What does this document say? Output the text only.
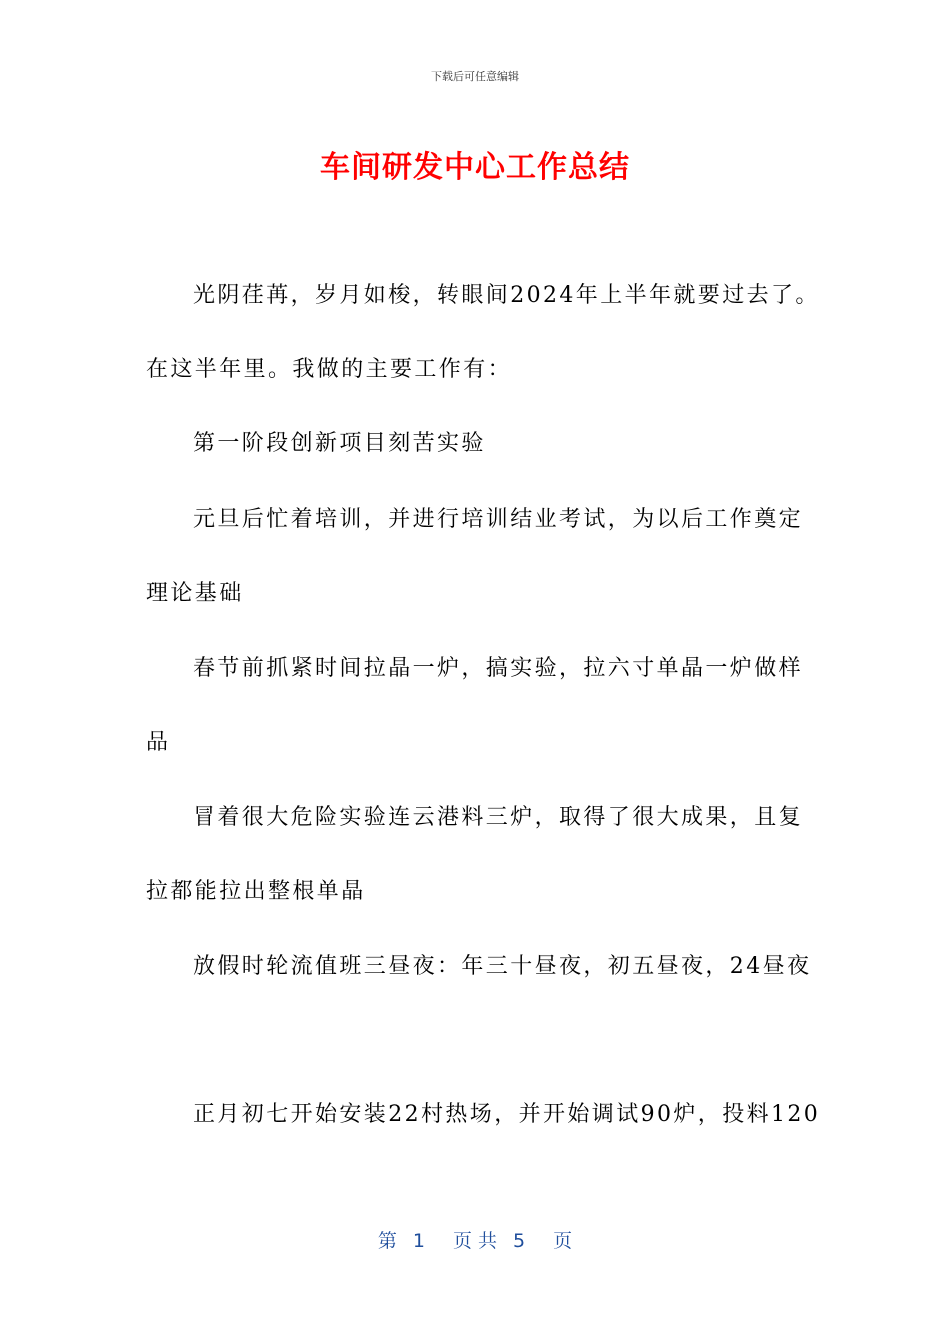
下载后可任意编辑
车间研发中心工作总结
光阴荏苒，岁月如梭，转眼间2024年上半年就要过去了。
在这半年里。我做的主要工作有：
第一阶段创新项目刻苦实验
元旦后忙着培训，并进行培训结业考试，为以后工作奠定
理论基础
春节前抓紧时间拉晶一炉，搞实验，拉六寸单晶一炉做样
品
冒着很大危险实验连云港料三炉，取得了很大成果，且复
拉都能拉出整根单晶
放假时轮流值班三昼夜：年三十昼夜，初五昼夜，24昼夜
正月初七开始安装22村热场，并开始调试90炉，投料120
第 1 页 共 5 页
